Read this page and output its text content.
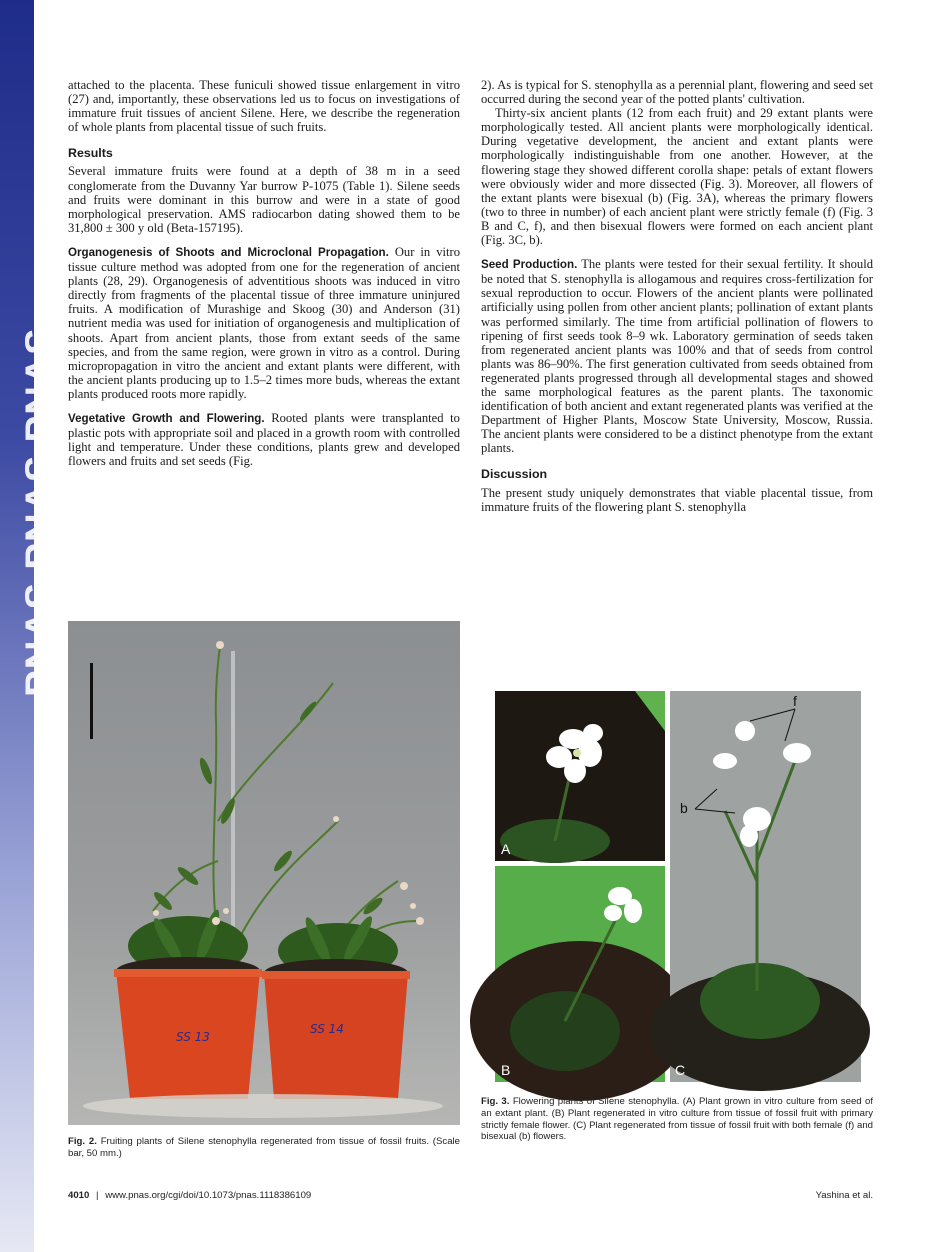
PNAS PNAS PNAS

attached to the placenta. These funiculi showed tissue enlargement in vitro (27) and, importantly, these observations led us to focus on investigations of immature fruit tissues of ancient Silene. Here, we describe the regeneration of whole plants from placental tissue of such fruits.

Results

Several immature fruits were found at a depth of 38 m in a seed conglomerate from the Duvanny Yar burrow P-1075 (Table 1). Silene seeds and fruits were dominant in this burrow and were in a state of good morphological preservation. AMS radiocarbon dating showed them to be 31,800 ± 300 y old (Beta-157195).

Organogenesis of Shoots and Microclonal Propagation. Our in vitro tissue culture method was adopted from one for the regeneration of ancient plants (28, 29). Organogenesis of adventitious shoots was induced in vitro directly from fragments of the placental tissue of three immature uninjured fruits. A modification of Murashige and Skoog (30) and Anderson (31) nutrient media was used for initiation of organogenesis and multiplication of shoots. Apart from ancient plants, those from extant seeds of the same species, and from the same region, were grown in vitro as a control. During micropropagation in vitro the ancient and extant plants were different, with the ancient plants producing up to 1.5–2 times more buds, whereas the extant plants produced roots more rapidly.

Vegetative Growth and Flowering. Rooted plants were transplanted to plastic pots with appropriate soil and placed in a growth room with controlled light and temperature. Under these conditions, plants grew and developed flowers and fruits and set seeds (Fig.

2). As is typical for S. stenophylla as a perennial plant, flowering and seed set occurred during the second year of the potted plants' cultivation.

Thirty-six ancient plants (12 from each fruit) and 29 extant plants were morphologically tested. All ancient plants were morphologically identical. During vegetative development, the ancient and extant plants were morphologically indistinguishable from one another. However, at the flowering stage they showed different corolla shape: petals of extant flowers were obviously wider and more dissected (Fig. 3). Moreover, all flowers of the extant plants were bisexual (b) (Fig. 3A), whereas the primary flowers (two to three in number) of each ancient plant were strictly female (f) (Fig. 3 B and C, f), and then bisexual flowers were formed on each ancient plant (Fig. 3C, b).

Seed Production. The plants were tested for their sexual fertility. It should be noted that S. stenophylla is allogamous and requires cross-fertilization for sexual reproduction to occur. Flowers of the ancient plants were pollinated artificially using pollen from other ancient plants; pollination of extant plants was performed similarly. The time from artificial pollination of flowers to ripening of first seeds took 8–9 wk. Laboratory germination of seeds taken from regenerated ancient plants was 100% and that of seeds from control plants was 86–90%. The first generation cultivated from seeds obtained from regenerated plants progressed through all developmental stages and showed the same morphological features as the parent plants. The taxonomic identification of both ancient and extant regenerated plants was verified at the Department of Higher Plants, Moscow State University, Moscow, Russia. The ancient plants were considered to be a distinct phenotype from the extant plants.

Discussion

The present study uniquely demonstrates that viable placental tissue, from immature fruits of the flowering plant S. stenophylla

SS 13
SS 14
A
B
f
b
C
Fig. 2. Fruiting plants of Silene stenophylla regenerated from tissue of fossil fruits. (Scale bar, 50 mm.)
Fig. 3. Flowering plants of Silene stenophylla. (A) Plant grown in vitro culture from seed of an extant plant. (B) Plant regenerated in vitro culture from tissue of fossil fruit with primary strictly female flower. (C) Plant regenerated from tissue of fossil fruit with both female (f) and bisexual (b) flowers.
4010 | www.pnas.org/cgi/doi/10.1073/pnas.1118386109	Yashina et al.
